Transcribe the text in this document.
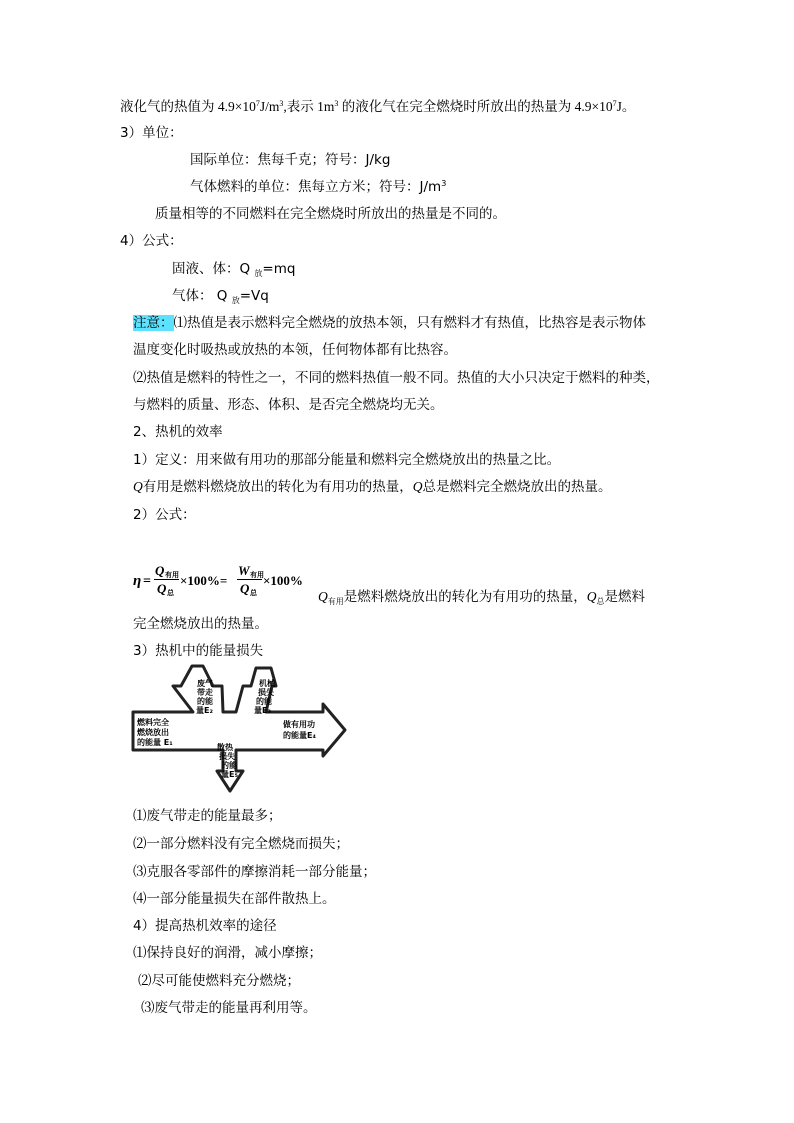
液化气的热值为 $4.9\times 10^7J/m^3$,表示 $1m^3$ 的液化气在完全燃烧时所放出的热量为 $4.9\times 10^7J$。
3）单位：
国际单位：焦每千克；符号：J/kg
气体燃料的单位：焦每立方米；符号：$J/m^3$
质量相等的不同燃料在完全燃烧时所放出的热量是不同的。
4）公式：
固液、体：Q $_放$=mq
气体： Q $_放$=Vq
注意：⑴热值是表示燃料完全燃烧的放热本领，只有燃料才有热值，比热容是表示物体
温度变化时吸热或放热的本领，任何物体都有比热容。
⑵热值是燃料的特性之一，不同的燃料热值一般不同。热值的大小只决定于燃料的种类，
与燃料的质量、形态、体积、是否完全燃烧均无关。
2、热机的效率
1）定义：用来做有用功的那部分能量和燃料完全燃烧放出的热量之比。
Q有用是燃料燃烧放出的转化为有用功的热量，Q总是燃料完全燃烧放出的热量。
2）公式：
η =
Q 有用
Q 总
×100%=
W 有用
Q 总
×100%
$Q_{有用}$是燃料燃烧放出的转化为有用功的热量，$Q_总$是燃料
完全燃烧放出的热量。
3）热机中的能量损失
燃料完全
燃烧放出
的能量 E₁
废气
带走
的能
量E₂
机械
损失
的能
量E₃
做有用功
的能量E₄
散热
损失
的能
量E₅
⑴废气带走的能量最多；
⑵一部分燃料没有完全燃烧而损失；
⑶克服各零部件的摩擦消耗一部分能量；
⑷一部分能量损失在部件散热上。
4）提高热机效率的途径
⑴保持良好的润滑，减小摩擦；
⑵尽可能使燃料充分燃烧；
⑶废气带走的能量再利用等。
